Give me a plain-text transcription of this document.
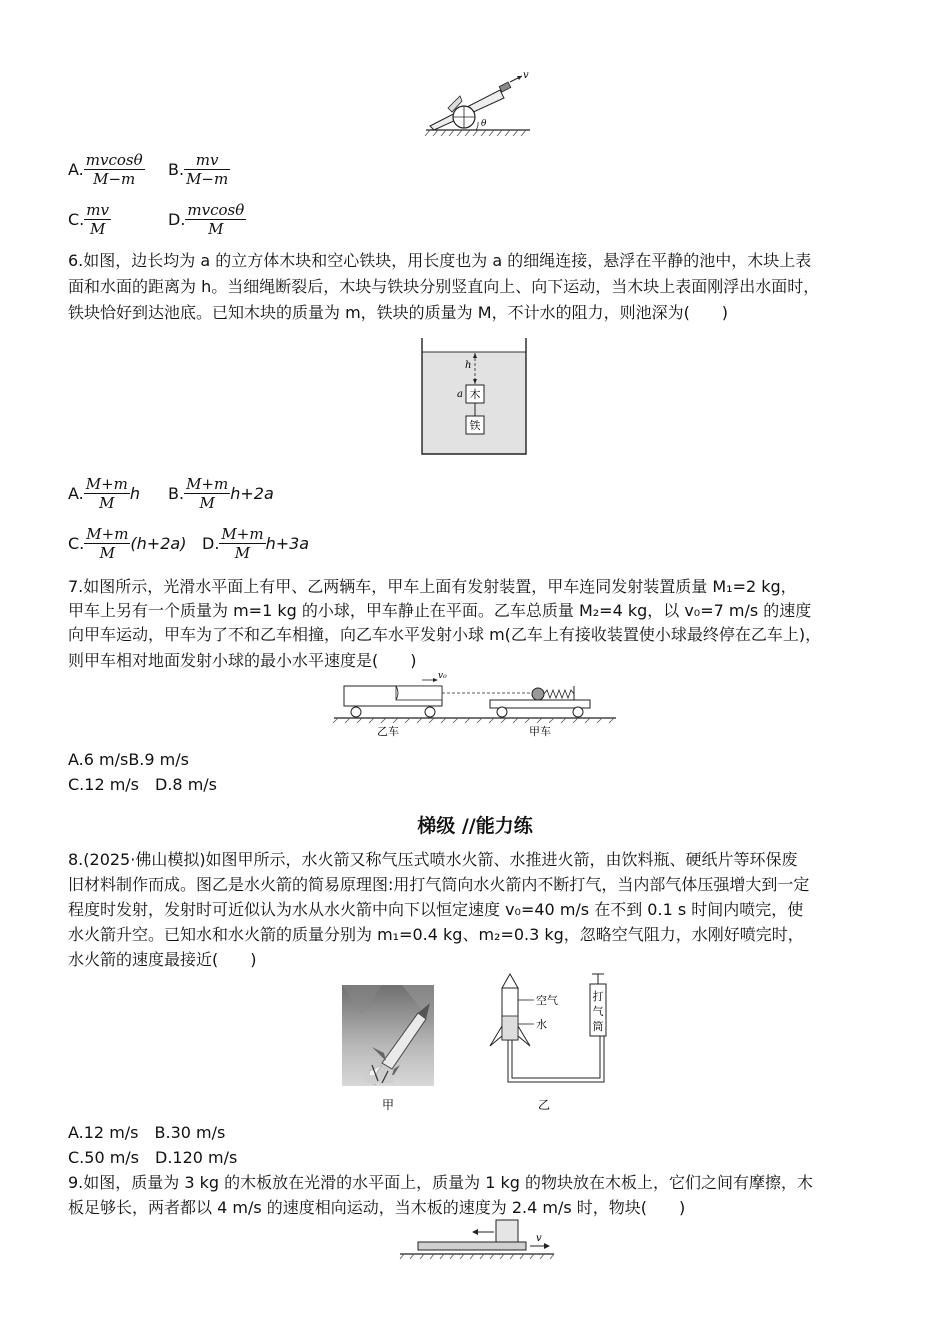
v
θ
A. $\frac{mvcos\theta}{M-m} B$. $\frac{mv}{M-m}$
C. $\frac{mv}{M}$	D. $\frac{mvcos\theta}{M}$
6.如图，边长均为 a 的立方体木块和空心铁块，用长度也为 a 的细绳连接，悬浮在平静的池中，木块上表
面和水面的距离为 h。当细绳断裂后，木块与铁块分别竖直向上、向下运动，当木块上表面刚浮出水面时，
铁块恰好到达池底。已知木块的质量为 m，铁块的质量为 M，不计水的阻力，则池深为(　　)
h
木
a
铁
A. $\frac{M+m}{M}$ h B. $\frac{M+m}{M} h+2a$
C. $\frac{M+m}{M} (h+2a)$ D. $\frac{M+m}{M} h+3a$
7.如图所示，光滑水平面上有甲、乙两辆车，甲车上面有发射装置，甲车连同发射装置质量 M₁=2 kg，
甲车上另有一个质量为 m=1 kg 的小球，甲车静止在平面。乙车总质量 M₂=4 kg，以 v₀=7 m/s 的速度
向甲车运动，甲车为了不和乙车相撞，向乙车水平发射小球 m(乙车上有接收装置使小球最终停在乙车上)，
则甲车相对地面发射小球的最小水平速度是(　　)
v₀
乙车	甲车
A.6 m/sB.9 m/s
C.12 m/s　D.8 m/s
梯级 //能力练
8.(2025·佛山模拟)如图甲所示，水火箭又称气压式喷水火箭、水推进火箭，由饮料瓶、硬纸片等环保废
旧材料制作而成。图乙是水火箭的简易原理图:用打气筒向水火箭内不断打气，当内部气体压强增大到一定
程度时发射，发射时可近似认为水从水火箭中向下以恒定速度 v₀=40 m/s 在不到 0.1 s 时间内喷完，使
水火箭升空。已知水和水火箭的质量分别为 m₁=0.4 kg、m₂=0.3 kg，忽略空气阻力，水刚好喷完时，
水火箭的速度最接近(　　)
甲
空气
水
打
气
筒
乙
A.12 m/s　B.30 m/s
C.50 m/s　D.120 m/s
9.如图，质量为 3 kg 的木板放在光滑的水平面上，质量为 1 kg 的物块放在木板上，它们之间有摩擦，木
板足够长，两者都以 4 m/s 的速度相向运动，当木板的速度为 2.4 m/s 时，物块(　　)
v
